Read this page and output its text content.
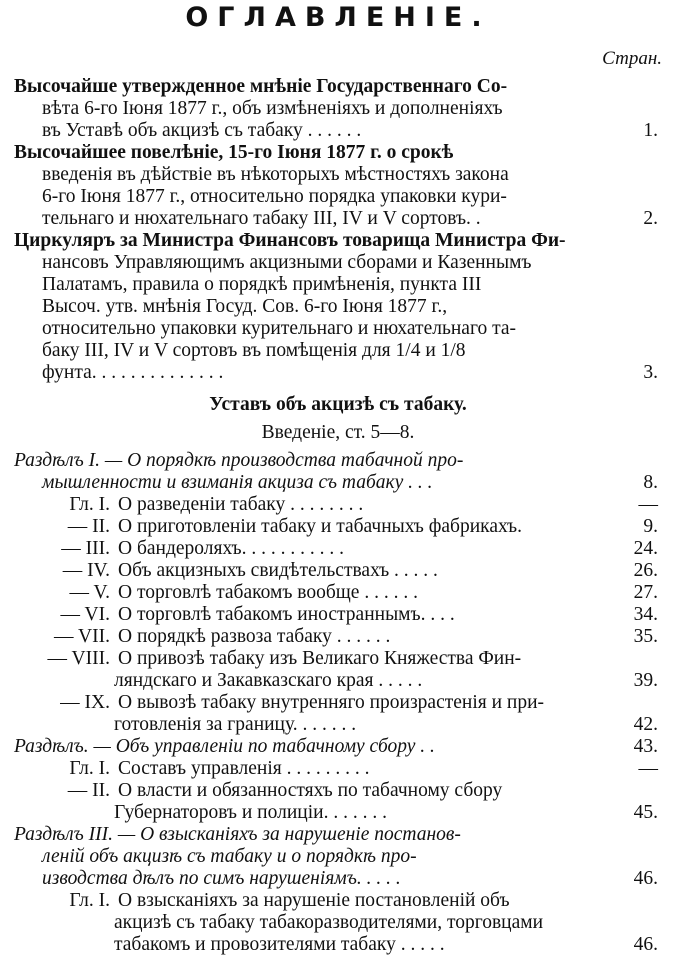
ОГЛАВЛЕНІЕ.
Стран.
Высочайше утвержденное мнѣніе Государственнаго Со-
вѣта 6-го Іюня 1877 г., объ измѣненіяхъ и дополненіяхъ
въ Уставѣ объ акцизѣ съ табаку . . . . . .	1.
Высочайшее повелѣніе, 15-го Іюня 1877 г. о срокѣ
введенія въ дѣйствіе въ нѣкоторыхъ мѣстностяхъ закона
6-го Іюня 1877 г., относительно порядка упаковки кури-
тельнаго и нюхательнаго табаку III, IV и V сортовъ. .	2.
Циркуляръ за Министра Финансовъ товарища Министра Фи-
нансовъ Управляющимъ акцизными сборами и Казеннымъ
Палатамъ, правила о порядкѣ примѣненія, пункта III
Высоч. утв. мнѣнія Госуд. Сов. 6-го Іюня 1877 г.,
относительно упаковки курительнаго и нюхательнаго та-
баку III, IV и V сортовъ въ помѣщенія для 1/4 и 1/8
фунта. . . . . . . . . . . . . .	3.
Уставъ объ акцизѣ съ табаку.
Введеніе, ст. 5—8.
Раздѣлъ I. — О порядкѣ производства табачной про-
мышленности и взиманія акциза съ табаку . . .	8.
Гл. I. О разведеніи табаку . . . . . . . .	—
— II. О приготовленіи табаку и табачныхъ фабрикахъ.	9.
— III. О бандероляхъ. . . . . . . . . . .	24.
— IV. Объ акцизныхъ свидѣтельствахъ . . . . .	26.
— V. О торговлѣ табакомъ вообще . . . . . .	27.
— VI. О торговлѣ табакомъ иностраннымъ. . . .	34.
— VII. О порядкѣ развоза табаку . . . . . .	35.
— VIII. О привозѣ табаку изъ Великаго Княжества Фин-
ляндскаго и Закавказскаго края . . . . .	39.
— IX. О вывозѣ табаку внутренняго произрастенія и при-
готовленія за границу. . . . . . .	42.
Раздѣлъ. — Объ управленіи по табачному сбору . .	43.
Гл. I. Составъ управленія . . . . . . . . .	—
— II. О власти и обязанностяхъ по табачному сбору
Губернаторовъ и полиціи. . . . . . .	45.
Раздѣлъ III. — О взысканіяхъ за нарушеніе постанов-
леній объ акцизѣ съ табаку и о порядкѣ про-
изводства дѣлъ по симъ нарушеніямъ. . . . .	46.
Гл. I. О взысканіяхъ за нарушеніе постановленій объ
акцизѣ съ табаку табакоразводителями, торговцами
табакомъ и провозителями табаку . . . . .	46.
